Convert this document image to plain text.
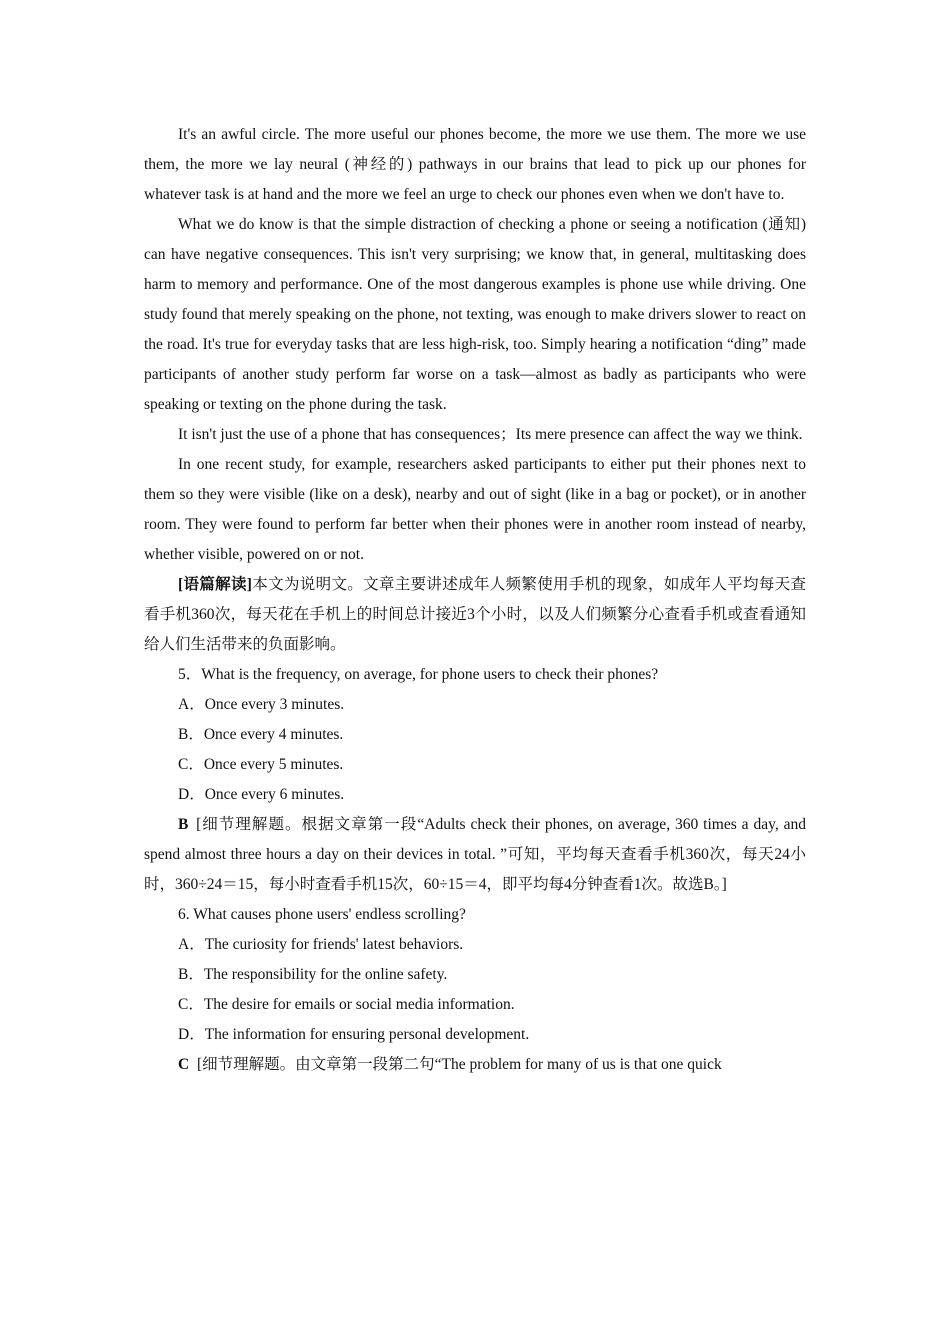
It's an awful circle. The more useful our phones become, the more we use them. The more we use them, the more we lay neural (神经的) pathways in our brains that lead to pick up our phones for whatever task is at hand and the more we feel an urge to check our phones even when we don't have to.

What we do know is that the simple distraction of checking a phone or seeing a notification (通知) can have negative consequences. This isn't very surprising; we know that, in general, multitasking does harm to memory and performance. One of the most dangerous examples is phone use while driving. One study found that merely speaking on the phone, not texting, was enough to make drivers slower to react on the road. It's true for everyday tasks that are less high-risk, too. Simply hearing a notification “ding” made participants of another study perform far worse on a task—almost as badly as participants who were speaking or texting on the phone during the task.

It isn't just the use of a phone that has consequences；Its mere presence can affect the way we think.

In one recent study, for example, researchers asked participants to either put their phones next to them so they were visible (like on a desk), nearby and out of sight (like in a bag or pocket), or in another room. They were found to perform far better when their phones were in another room instead of nearby, whether visible, powered on or not.

[语篇解读]本文为说明文。文章主要讲述成年人频繁使用手机的现象，如成年人平均每天查看手机360次，每天花在手机上的时间总计接近3个小时，以及人们频繁分心查看手机或查看通知给人们生活带来的负面影响。

5．What is the frequency, on average, for phone users to check their phones?

A．Once every 3 minutes.

B．Once every 4 minutes.

C．Once every 5 minutes.

D．Once every 6 minutes.

B  [细节理解题。根据文章第一段“Adults check their phones, on average, 360 times a day, and spend almost three hours a day on their devices in total. ”可知，平均每天查看手机360次，每天24小时，360÷24＝15，每小时查看手机15次，60÷15＝4，即平均每4分钟查看1次。故选B。]

6. What causes phone users' endless scrolling?

A．The curiosity for friends' latest behaviors.

B．The responsibility for the online safety.

C．The desire for emails or social media information.

D．The information for ensuring personal development.

C  [细节理解题。由文章第一段第二句“The problem for many of us is that one quick
